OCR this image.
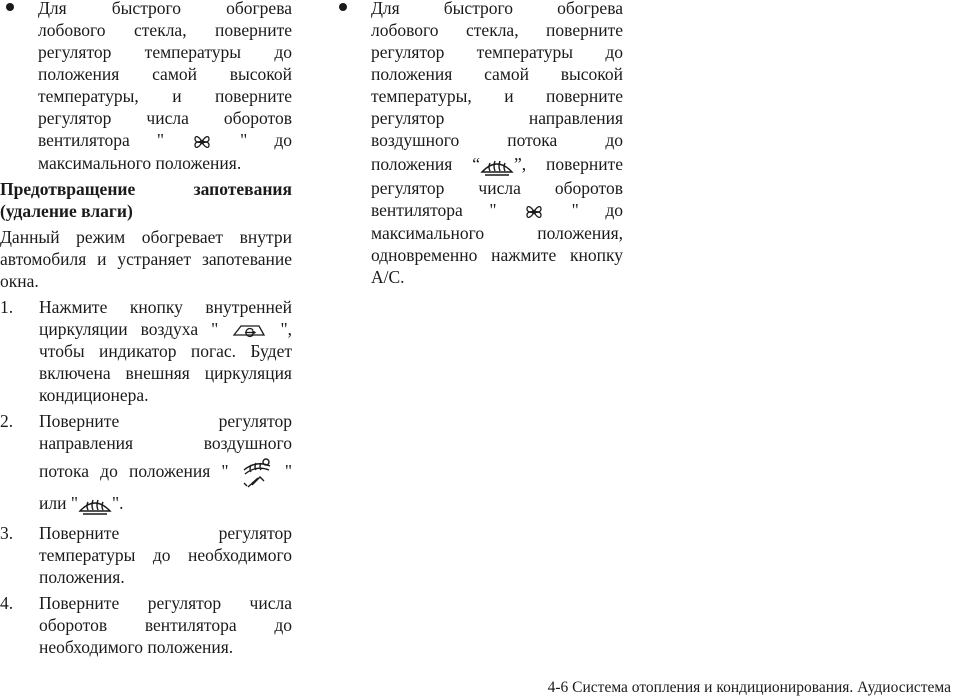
Для быстрого обогрева
лобового стекла, поверните
регулятор температуры до
положения самой высокой
температуры, и поверните
регулятор числа оборотов
вентилятора "	" до
максимального положения.
Предотвращение запотевания
(удаление влаги)
Данный режим обогревает внутри
автомобиля и устраняет запотевание
окна.
1. Нажмите кнопку внутренней
циркуляции воздуха "	",
чтобы индикатор погас. Будет
включена внешняя циркуляция
кондиционера.
2. Поверните регулятор
направления воздушного
потока до положения "	"
или " ".
3. Поверните регулятор
температуры до необходимого
положения.
4. Поверните регулятор числа
оборотов вентилятора до
необходимого положения.
Для быстрого обогрева
лобового стекла, поверните
регулятор температуры до
положения самой высокой
температуры, и поверните
регулятор направления
воздушного потока до
положения “ ”, поверните
регулятор числа оборотов
вентилятора "	" до
максимального положения,
одновременно нажмите кнопку
A/C.
4-6 Система отопления и кондиционирования. Аудиосистема
